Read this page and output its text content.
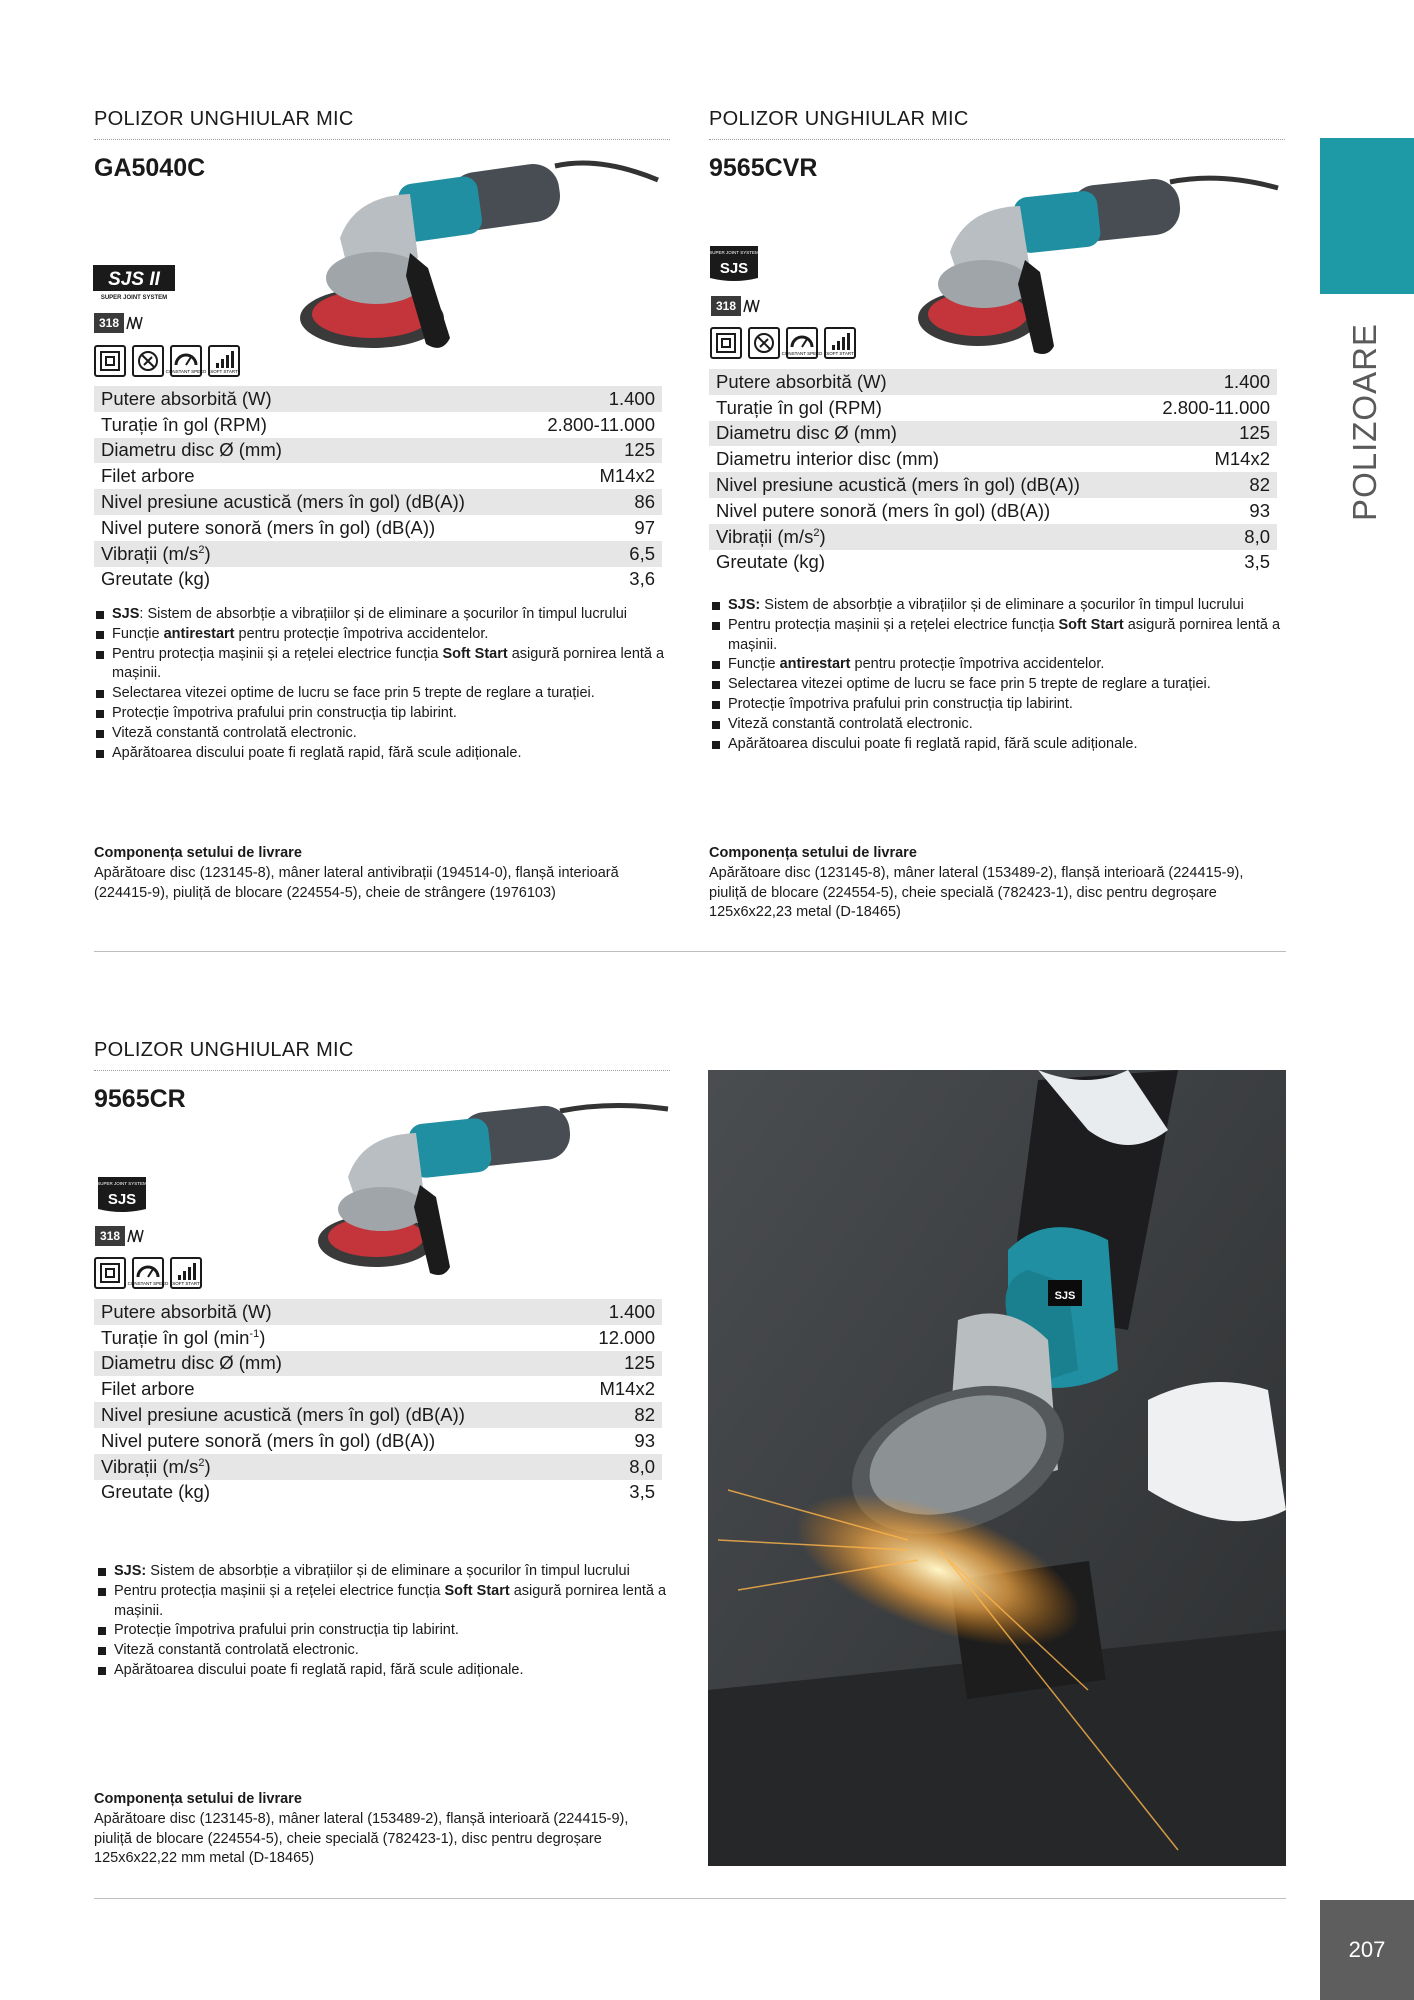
POLIZOARE
207
POLIZOR UNGHIULAR MIC
GA5040C
SJS II
SUPER JOINT SYSTEM
318
CONSTANT SPEED SOFT START
Putere absorbită (W)	1.400
Turație în gol (RPM)	2.800-11.000
Diametru disc Ø (mm)	125
Filet arbore	M14x2
Nivel presiune acustică (mers în gol) (dB(A))	86
Nivel putere sonoră (mers în gol) (dB(A))	97
Vibrații $(m/s^2)$	6,5
Greutate (kg)	3,6
SJS: Sistem de absorbție a vibrațiilor și de eliminare a șocurilor în timpul lucrului
Funcție antirestart pentru protecție împotriva accidentelor.
Pentru protecția mașinii și a rețelei electrice funcția Soft Start asigură pornirea lentă a mașinii.
Selectarea vitezei optime de lucru se face prin 5 trepte de reglare a turației.
Protecție împotriva prafului prin construcția tip labirint.
Viteză constantă controlată electronic.
Apărătoarea discului poate fi reglată rapid, fără scule adiționale.
Componența setului de livrare
Apărătoare disc (123145-8), mâner lateral antivibrații (194514-0), flanșă interioară (224415-9), piuliță de blocare (224554-5), cheie de strângere (1976103)
POLIZOR UNGHIULAR MIC
9565CVR
SUPER JOINT SYSTEM
SJS
318
CONSTANT SPEED SOFT START
Putere absorbită (W)	1.400
Turație în gol (RPM)	2.800-11.000
Diametru disc Ø (mm)	125
Diametru interior disc (mm)	M14x2
Nivel presiune acustică (mers în gol) (dB(A))	82
Nivel putere sonoră (mers în gol) (dB(A))	93
Vibrații $(m/s^2)$	8,0
Greutate (kg)	3,5
SJS: Sistem de absorbție a vibrațiilor și de eliminare a șocurilor în timpul lucrului
Pentru protecția mașinii și a rețelei electrice funcția Soft Start asigură pornirea lentă a mașinii.
Funcție antirestart pentru protecție împotriva accidentelor.
Selectarea vitezei optime de lucru se face prin 5 trepte de reglare a turației.
Protecție împotriva prafului prin construcția tip labirint.
Viteză constantă controlată electronic.
Apărătoarea discului poate fi reglată rapid, fără scule adiționale.
Componența setului de livrare
Apărătoare disc (123145-8), mâner lateral (153489-2), flanșă interioară (224415-9), piuliță de blocare (224554-5), cheie specială (782423-1), disc pentru degroșare 125x6x22,23 metal (D-18465)
POLIZOR UNGHIULAR MIC
9565CR
SUPER JOINT SYSTEM
SJS
318
CONSTANT SPEED SOFT START
Putere absorbită (W)	1.400
Turație în gol $(\min^{-1})$	12.000
Diametru disc Ø (mm)	125
Filet arbore	M14x2
Nivel presiune acustică (mers în gol) (dB(A))	82
Nivel putere sonoră (mers în gol) (dB(A))	93
Vibrații $(m/s^2)$	8,0
Greutate (kg)	3,5
SJS: Sistem de absorbție a vibrațiilor și de eliminare a șocurilor în timpul lucrului
Pentru protecția mașinii și a rețelei electrice funcția Soft Start asigură pornirea lentă a mașinii.
Protecție împotriva prafului prin construcția tip labirint.
Viteză constantă controlată electronic.
Apărătoarea discului poate fi reglată rapid, fără scule adiționale.
Componența setului de livrare
Apărătoare disc (123145-8), mâner lateral (153489-2), flanșă interioară (224415-9), piuliță de blocare (224554-5), cheie specială (782423-1), disc pentru degroșare 125x6x22,22 mm metal (D-18465)
SJS
